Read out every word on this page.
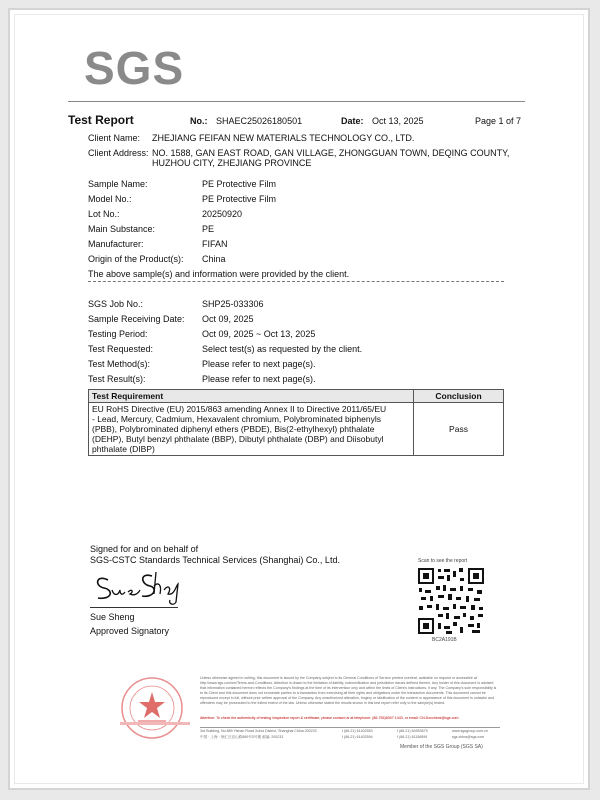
SGS
Test Report	No.: SHAEC25026180501	Date: Oct 13, 2025	Page 1 of 7
Client Name: ZHEJIANG FEIFAN NEW MATERIALS TECHNOLOGY CO., LTD.
Client Address: NO. 1588, GAN EAST ROAD, GAN VILLAGE, ZHONGGUAN TOWN, DEQING COUNTY,
HUZHOU CITY, ZHEJIANG PROVINCE
Sample Name:	PE Protective Film
Model No.:	PE Protective Film
Lot No.:	20250920
Main Substance:	PE
Manufacturer:	FIFAN
Origin of the Product(s): China
The above sample(s) and information were provided by the client.
SGS Job No.:	SHP25-033306
Sample Receiving Date: Oct 09, 2025
Testing Period:	Oct 09, 2025 ~ Oct 13, 2025
Test Requested:	Select test(s) as requested by the client.
Test Method(s):	Please refer to next page(s).
Test Result(s):	Please refer to next page(s).
Test Requirement	Conclusion

EU RoHS Directive (EU) 2015/863 amending Annex II to Directive 2011/65/EU
- Lead, Mercury, Cadmium, Hexavalent chromium, Polybrominated biphenyls
(PBB), Polybrominated diphenyl ethers (PBDE), Bis(2-ethylhexyl) phthalate
(DEHP), Butyl benzyl phthalate (BBP), Dibutyl phthalate (DBP) and Diisobutyl
phthalate (DIBP)	Pass
Signed for and on behalf of
SGS-CSTC Standards Technical Services (Shanghai) Co., Ltd.
Sue Sheng
Approved Signatory
Scan to see the report
BC2A191B
Unless otherwise agreed in writing, this document is issued by the Company subject to its General Conditions of Service printed overleaf, available on request or accessible at http://www.sgs.com/en/Terms-and-Conditions. Attention is drawn to the limitation of liability, indemnification and jurisdiction issues defined therein. Any holder of this document is advised that information contained hereon reflects the Company's findings at the time of its intervention only and within the limits of Client's instructions, if any. The Company's sole responsibility is to its Client and this document does not exonerate parties to a transaction from exercising all their rights and obligations under the transaction documents. This document cannot be reproduced except in full, without prior written approval of the Company. Any unauthorized alteration, forgery or falsification of the content or appearance of this document is unlawful and offenders may be prosecuted to the fullest extent of the law. Unless otherwise stated the results shown in this test report refer only to the sample(s) tested.
Attention: To check the authenticity of testing /inspection report & certificate, please contact us at telephone: (86-755)8307 1443, or email: CN.Doccheck@sgs.com
3rd Building, No.889 Yishan Road Xuhui District, Shanghai China 200233
中国 · 上海 · 徐汇区宜山路889号3号楼 邮编: 200233
t (86-21) 61402553
t (86-21) 61402594
f (86-21) 64953679
f (86-21) 61156899
www.sgsgroup.com.cn
sgs.china@sgs.com
Member of the SGS Group (SGS SA)
